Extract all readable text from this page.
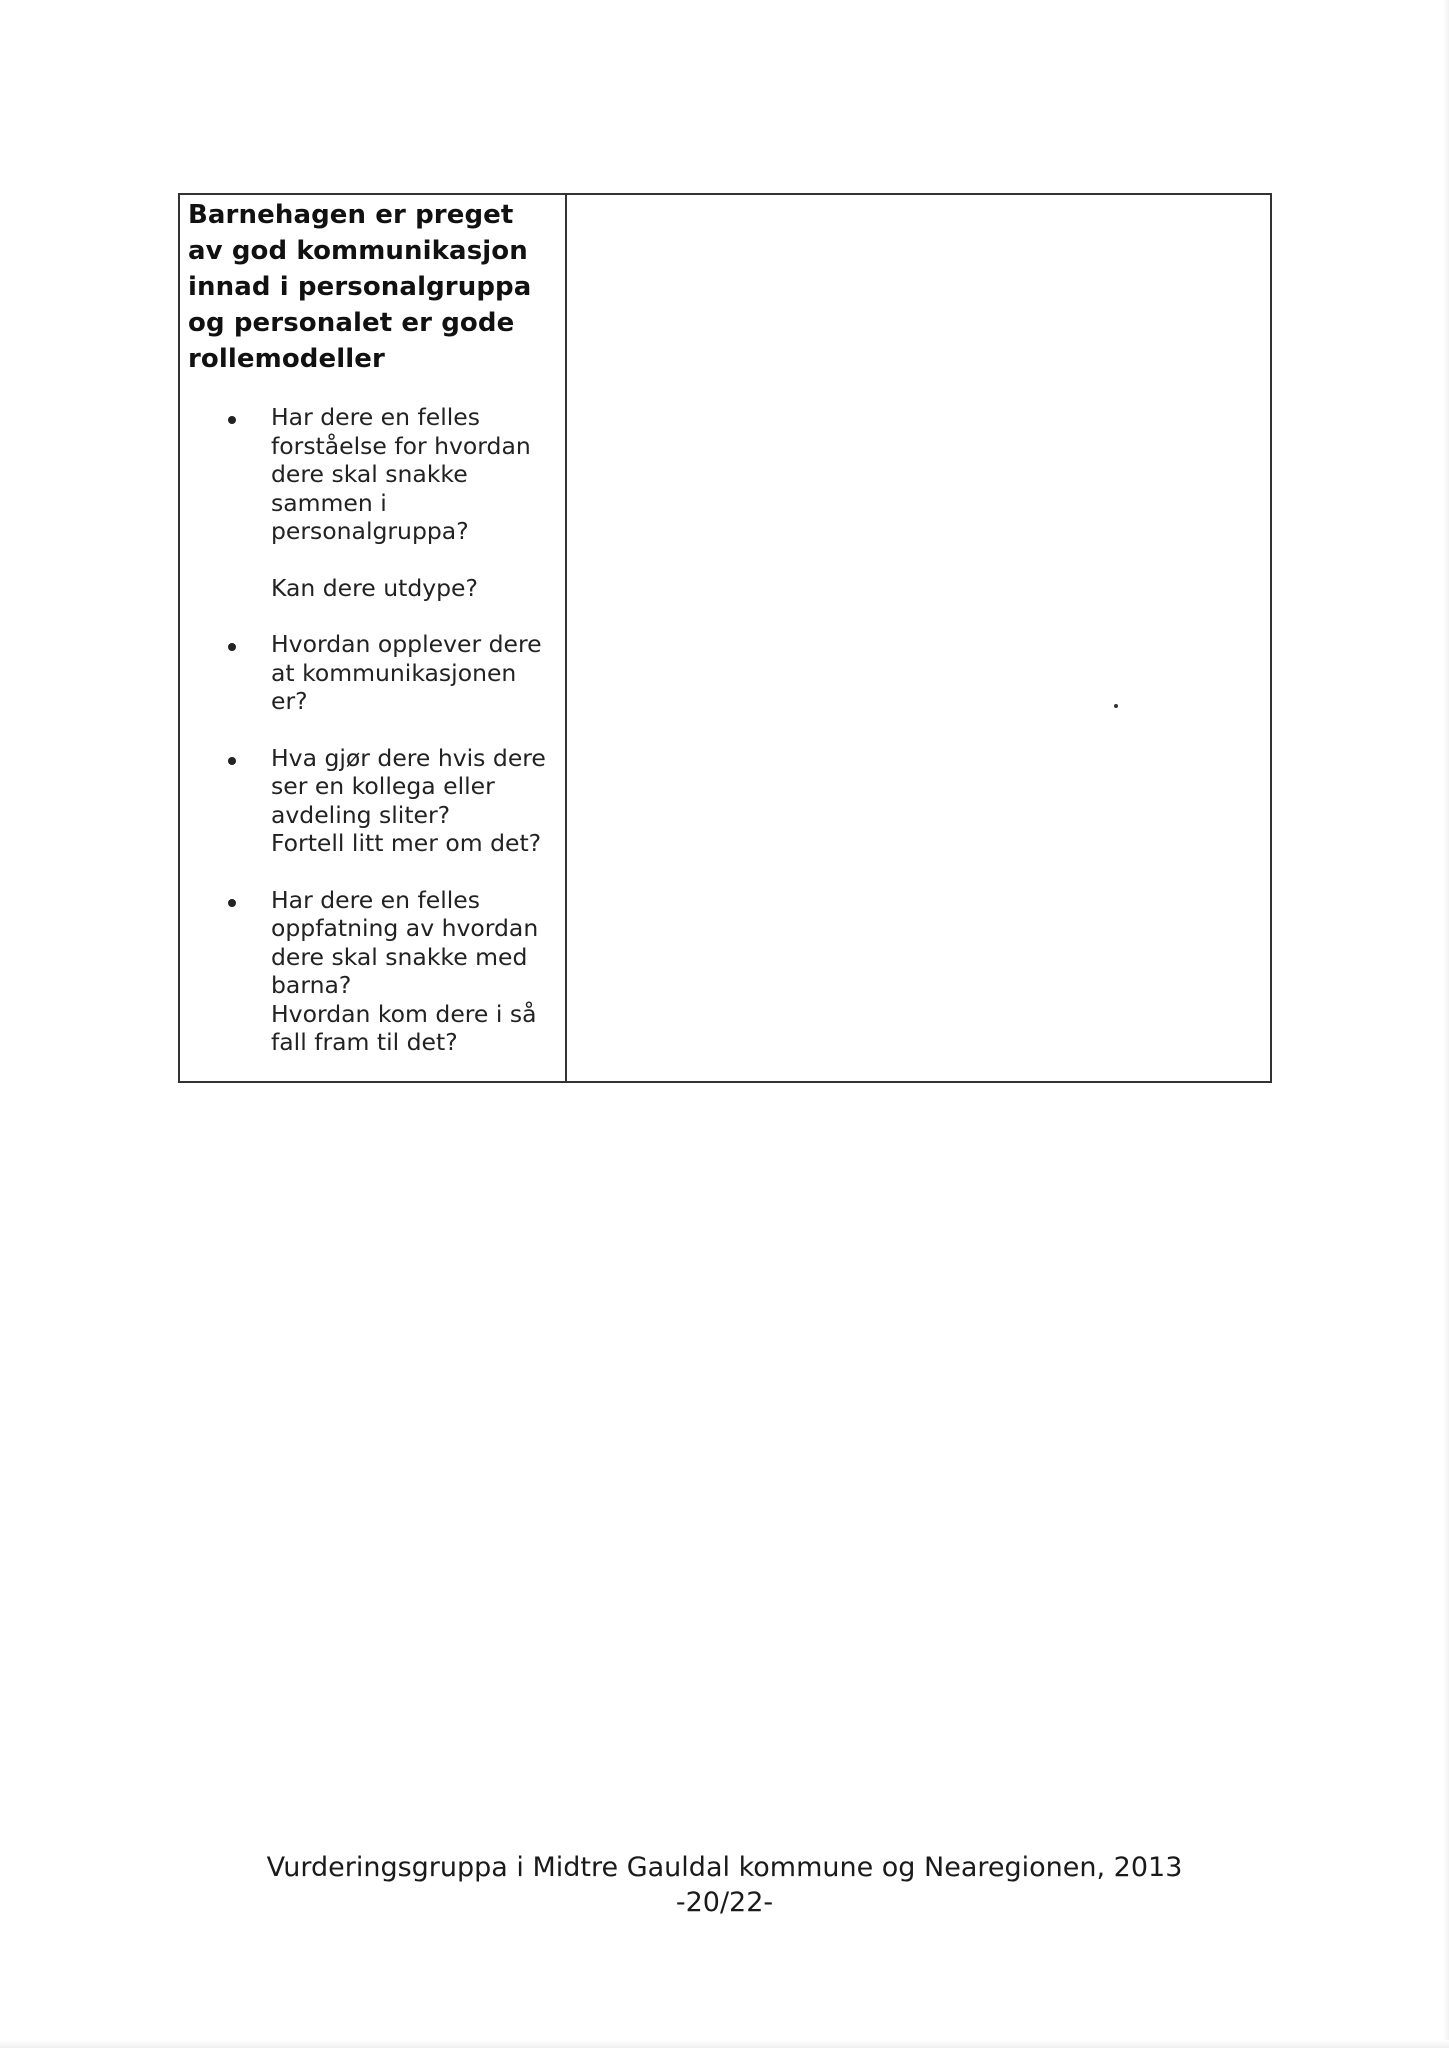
Barnehagen er preget av god kommunikasjon innad i personalgruppa og personalet er gode rollemodeller
Har dere en felles
forståelse for hvordan
dere skal snakke
sammen i
personalgruppa?
Kan dere utdype?
Hvordan opplever dere
at kommunikasjonen
er?
Hva gjør dere hvis dere
ser en kollega eller
avdeling sliter?
Fortell litt mer om det?
Har dere en felles
oppfatning av hvordan
dere skal snakke med
barna?
Hvordan kom dere i så
fall fram til det?
Vurderingsgruppa i Midtre Gauldal kommune og Nearegionen, 2013
-20/22-
